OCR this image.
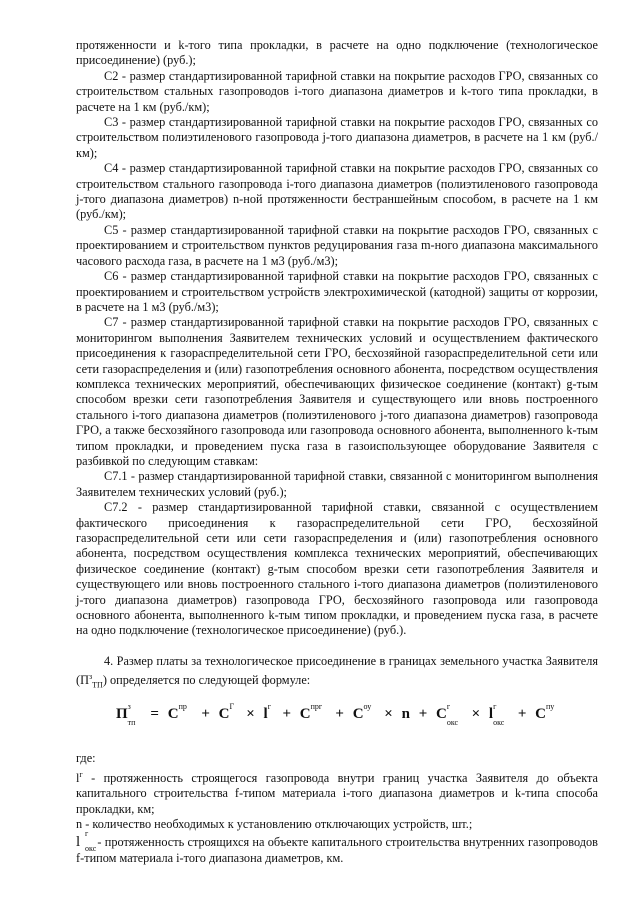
протяженности и k-того типа прокладки, в расчете на одно подключение (технологическое присоединение) (руб.);

С2 - размер стандартизированной тарифной ставки на покрытие расходов ГРО, связанных со строительством стальных газопроводов i-того диапазона диаметров и k-того типа прокладки, в расчете на 1 км (руб./км);

С3 - размер стандартизированной тарифной ставки на покрытие расходов ГРО, связанных со строительством полиэтиленового газопровода j-того диапазона диаметров, в расчете на 1 км (руб./км);

С4 - размер стандартизированной тарифной ставки на покрытие расходов ГРО, связанных со строительством стального газопровода i-того диапазона диаметров (полиэтиленового газопровода j-того диапазона диаметров) n-ной протяженности бестраншейным способом, в расчете на 1 км (руб./км);

С5 - размер стандартизированной тарифной ставки на покрытие расходов ГРО, связанных с проектированием и строительством пунктов редуцирования газа m-ного диапазона максимального часового расхода газа, в расчете на 1 м3 (руб./м3);

С6 - размер стандартизированной тарифной ставки на покрытие расходов ГРО, связанных с проектированием и строительством устройств электрохимической (катодной) защиты от коррозии, в расчете на 1 м3 (руб./м3);

С7 - размер стандартизированной тарифной ставки на покрытие расходов ГРО, связанных с мониторингом выполнения Заявителем технических условий и осуществлением фактического присоединения к газораспределительной сети ГРО, бесхозяйной газораспределительной сети или сети газораспределения и (или) газопотребления основного абонента, посредством осуществления комплекса технических мероприятий, обеспечивающих физическое соединение (контакт) g-тым способом врезки сети газопотребления Заявителя и существующего или вновь построенного стального i-того диапазона диаметров (полиэтиленового j-того диапазона диаметров) газопровода ГРО, а также бесхозяйного газопровода или газопровода основного абонента, выполненного k-тым типом прокладки, и проведением пуска газа в газоиспользующее оборудование Заявителя с разбивкой по следующим ставкам:

С7.1 - размер стандартизированной тарифной ставки, связанной с мониторингом выполнения Заявителем технических условий (руб.);

С7.2 - размер стандартизированной тарифной ставки, связанной с осуществлением фактического присоединения к газораспределительной сети ГРО, бесхозяйной газораспределительной сети или сети газораспределения и (или) газопотребления основного абонента, посредством осуществления комплекса технических мероприятий, обеспечивающих физическое соединение (контакт) g-тым способом врезки сети газопотребления Заявителя и существующего или вновь построенного стального i-того диапазона диаметров (полиэтиленового j-того диапазона диаметров) газопровода ГРО, бесхозяйного газопровода или газопровода основного абонента, выполненного k-тым типом прокладки, и проведением пуска газа, в расчете на одно подключение (технологическое присоединение) (руб.).

4. Размер платы за технологическое присоединение в границах земельного участка Заявителя $(П^з_{ТП})$ определяется по следующей формуле:

П з
тп
= C пр + C Г × l г + C прг + C оу × n + C г
окс
× l г
окс
+ C пу

где:

$l^г$ - протяженность строящегося газопровода внутри границ участка Заявителя до объекта капитального строительства f-типом материала i-того диапазона диаметров и k-типа способа прокладки, км;

n - количество необходимых к установлению отключающих устройств, шт.;

l
г
окс
- протяженность строящихся на объекте капитального строительства внутренних газопроводов f-типом материала i-того диапазона диаметров, км.
